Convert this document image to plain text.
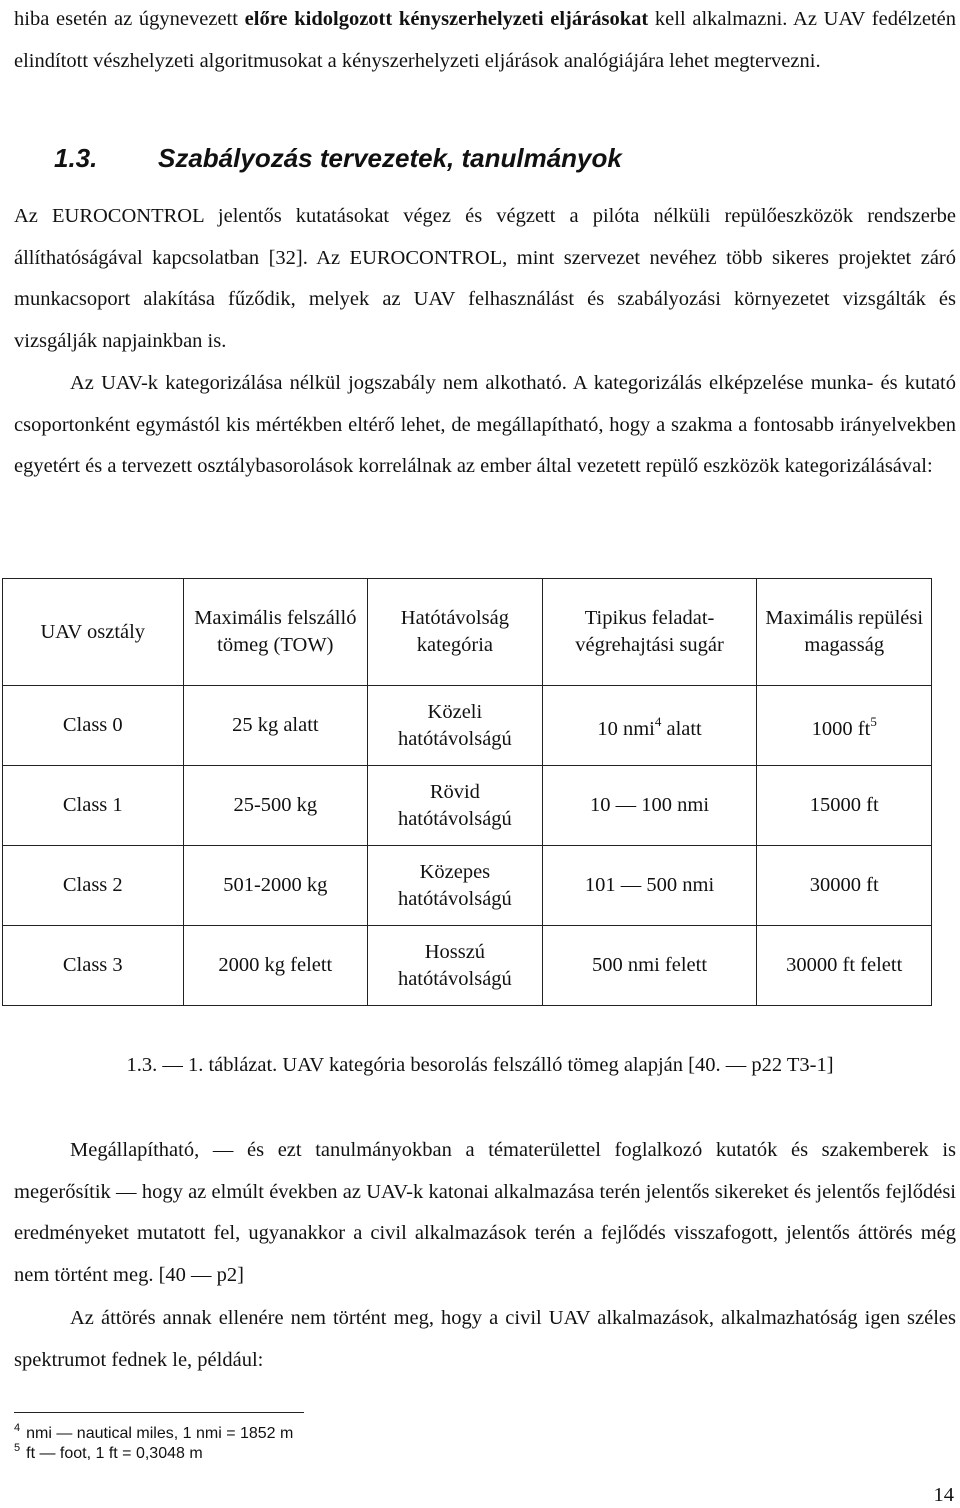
hiba esetén az úgynevezett előre kidolgozott kényszerhelyzeti eljárásokat kell alkalmazni. Az UAV fedélzetén elindított vészhelyzeti algoritmusokat a kényszerhelyzeti eljárások analógiájára lehet megtervezni.

1.3. Szabályozás tervezetek, tanulmányok

Az EUROCONTROL jelentős kutatásokat végez és végzett a pilóta nélküli repülőeszközök rendszerbe állíthatóságával kapcsolatban [32]. Az EUROCONTROL, mint szervezet nevéhez több sikeres projektet záró munkacsoport alakítása fűződik, melyek az UAV felhasználást és szabályozási környezetet vizsgálták és vizsgálják napjainkban is.

Az UAV-k kategorizálása nélkül jogszabály nem alkotható. A kategorizálás elképzelése munka- és kutató csoportonként egymástól kis mértékben eltérő lehet, de megállapítható, hogy a szakma a fontosabb irányelvekben egyetért és a tervezett osztálybasorolások korrelálnak az ember által vezetett repülő eszközök kategorizálásával:

UAV osztály	Maximális felszálló tömeg (TOW)	Hatótávolság kategória	Tipikus feladat-végrehajtási sugár	Maximális repülési magasság
Class 0	25 kg alatt	Közeli hatótávolságú	10 nmi$^4$ alatt	1000 ft$^5$
Class 1	25-500 kg	Rövid hatótávolságú	10 — 100 nmi	15000 ft
Class 2	501-2000 kg	Közepes hatótávolságú	101 — 500 nmi	30000 ft
Class 3	2000 kg felett	Hosszú hatótávolságú	500 nmi felett	30000 ft felett

1.3. — 1. táblázat. UAV kategória besorolás felszálló tömeg alapján [40. — p22 T3-1]

Megállapítható, — és ezt tanulmányokban a tématerülettel foglalkozó kutatók és szakemberek is megerősítik — hogy az elmúlt években az UAV-k katonai alkalmazása terén jelentős sikereket és jelentős fejlődési eredményeket mutatott fel, ugyanakkor a civil alkalmazások terén a fejlődés visszafogott, jelentős áttörés még nem történt meg. [40 — p2]

Az áttörés annak ellenére nem történt meg, hogy a civil UAV alkalmazások, alkalmazhatóság igen széles spektrumot fednek le, például:

$^4$ nmi — nautical miles, 1 nmi = 1852 m

$^5$ ft — foot, 1 ft = 0,3048 m

14
